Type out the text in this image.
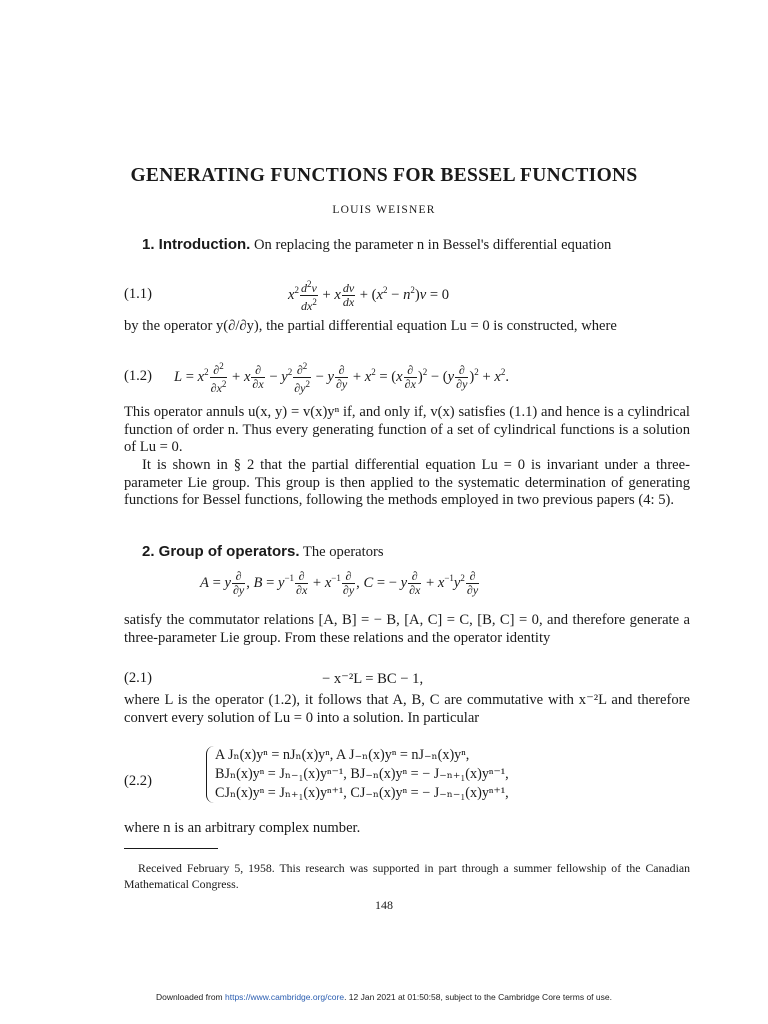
GENERATING FUNCTIONS FOR BESSEL FUNCTIONS
LOUIS WEISNER
1. Introduction. On replacing the parameter n in Bessel's differential equation
(1.1)	$x^2 \frac{d^2v}{dx^2} + x \frac{dv}{dx} + (x^2 - n^2)v = 0$
by the operator y(∂/∂y), the partial differential equation Lu = 0 is constructed, where
(1.2) $L = x^2 \frac{\partial^2}{\partial x^2} + x \frac{\partial}{\partial x} - y^2 \frac{\partial^2}{\partial y^2} - y \frac{\partial}{\partial y} + x^2 = (x \frac{\partial}{\partial x} )^2 - (y \frac{\partial}{\partial y} )^2 + x^2$.
This operator annuls u(x, y) = v(x)yⁿ if, and only if, v(x) satisfies (1.1) and hence is a cylindrical function of order n. Thus every generating function of a set of cylindrical functions is a solution of Lu = 0.
It is shown in § 2 that the partial differential equation Lu = 0 is invariant under a three-parameter Lie group. This group is then applied to the systematic determination of generating functions for Bessel functions, following the methods employed in two previous papers (4: 5).
2. Group of operators. The operators
A = y $\frac{\partial}{\partial y}$ , $B = y^{-1} \frac{\partial}{\partial x} + x^{-1} \frac{\partial}{\partial y}$ , C = − y $\frac{\partial}{\partial x} + x^{-1}y^2 \frac{\partial}{\partial y}$
satisfy the commutator relations [A, B] = − B, [A, C] = C, [B, C] = 0, and therefore generate a three-parameter Lie group. From these relations and the operator identity
(2.1)	− x⁻²L = BC − 1,
where L is the operator (1.2), it follows that A, B, C are commutative with x⁻²L and therefore convert every solution of Lu = 0 into a solution. In particular
(2.2)
A Jₙ(x)yⁿ = nJₙ(x)yⁿ, A J₋ₙ(x)yⁿ = nJ₋ₙ(x)yⁿ,
BJₙ(x)yⁿ = Jₙ₋₁(x)yⁿ⁻¹, BJ₋ₙ(x)yⁿ = − J₋ₙ₊₁(x)yⁿ⁻¹,
CJₙ(x)yⁿ = Jₙ₊₁(x)yⁿ⁺¹, CJ₋ₙ(x)yⁿ = − J₋ₙ₋₁(x)yⁿ⁺¹,
where n is an arbitrary complex number.
Received February 5, 1958. This research was supported in part through a summer fellowship of the Canadian Mathematical Congress.
148
Downloaded from https://www.cambridge.org/core. 12 Jan 2021 at 01:50:58, subject to the Cambridge Core terms of use.
